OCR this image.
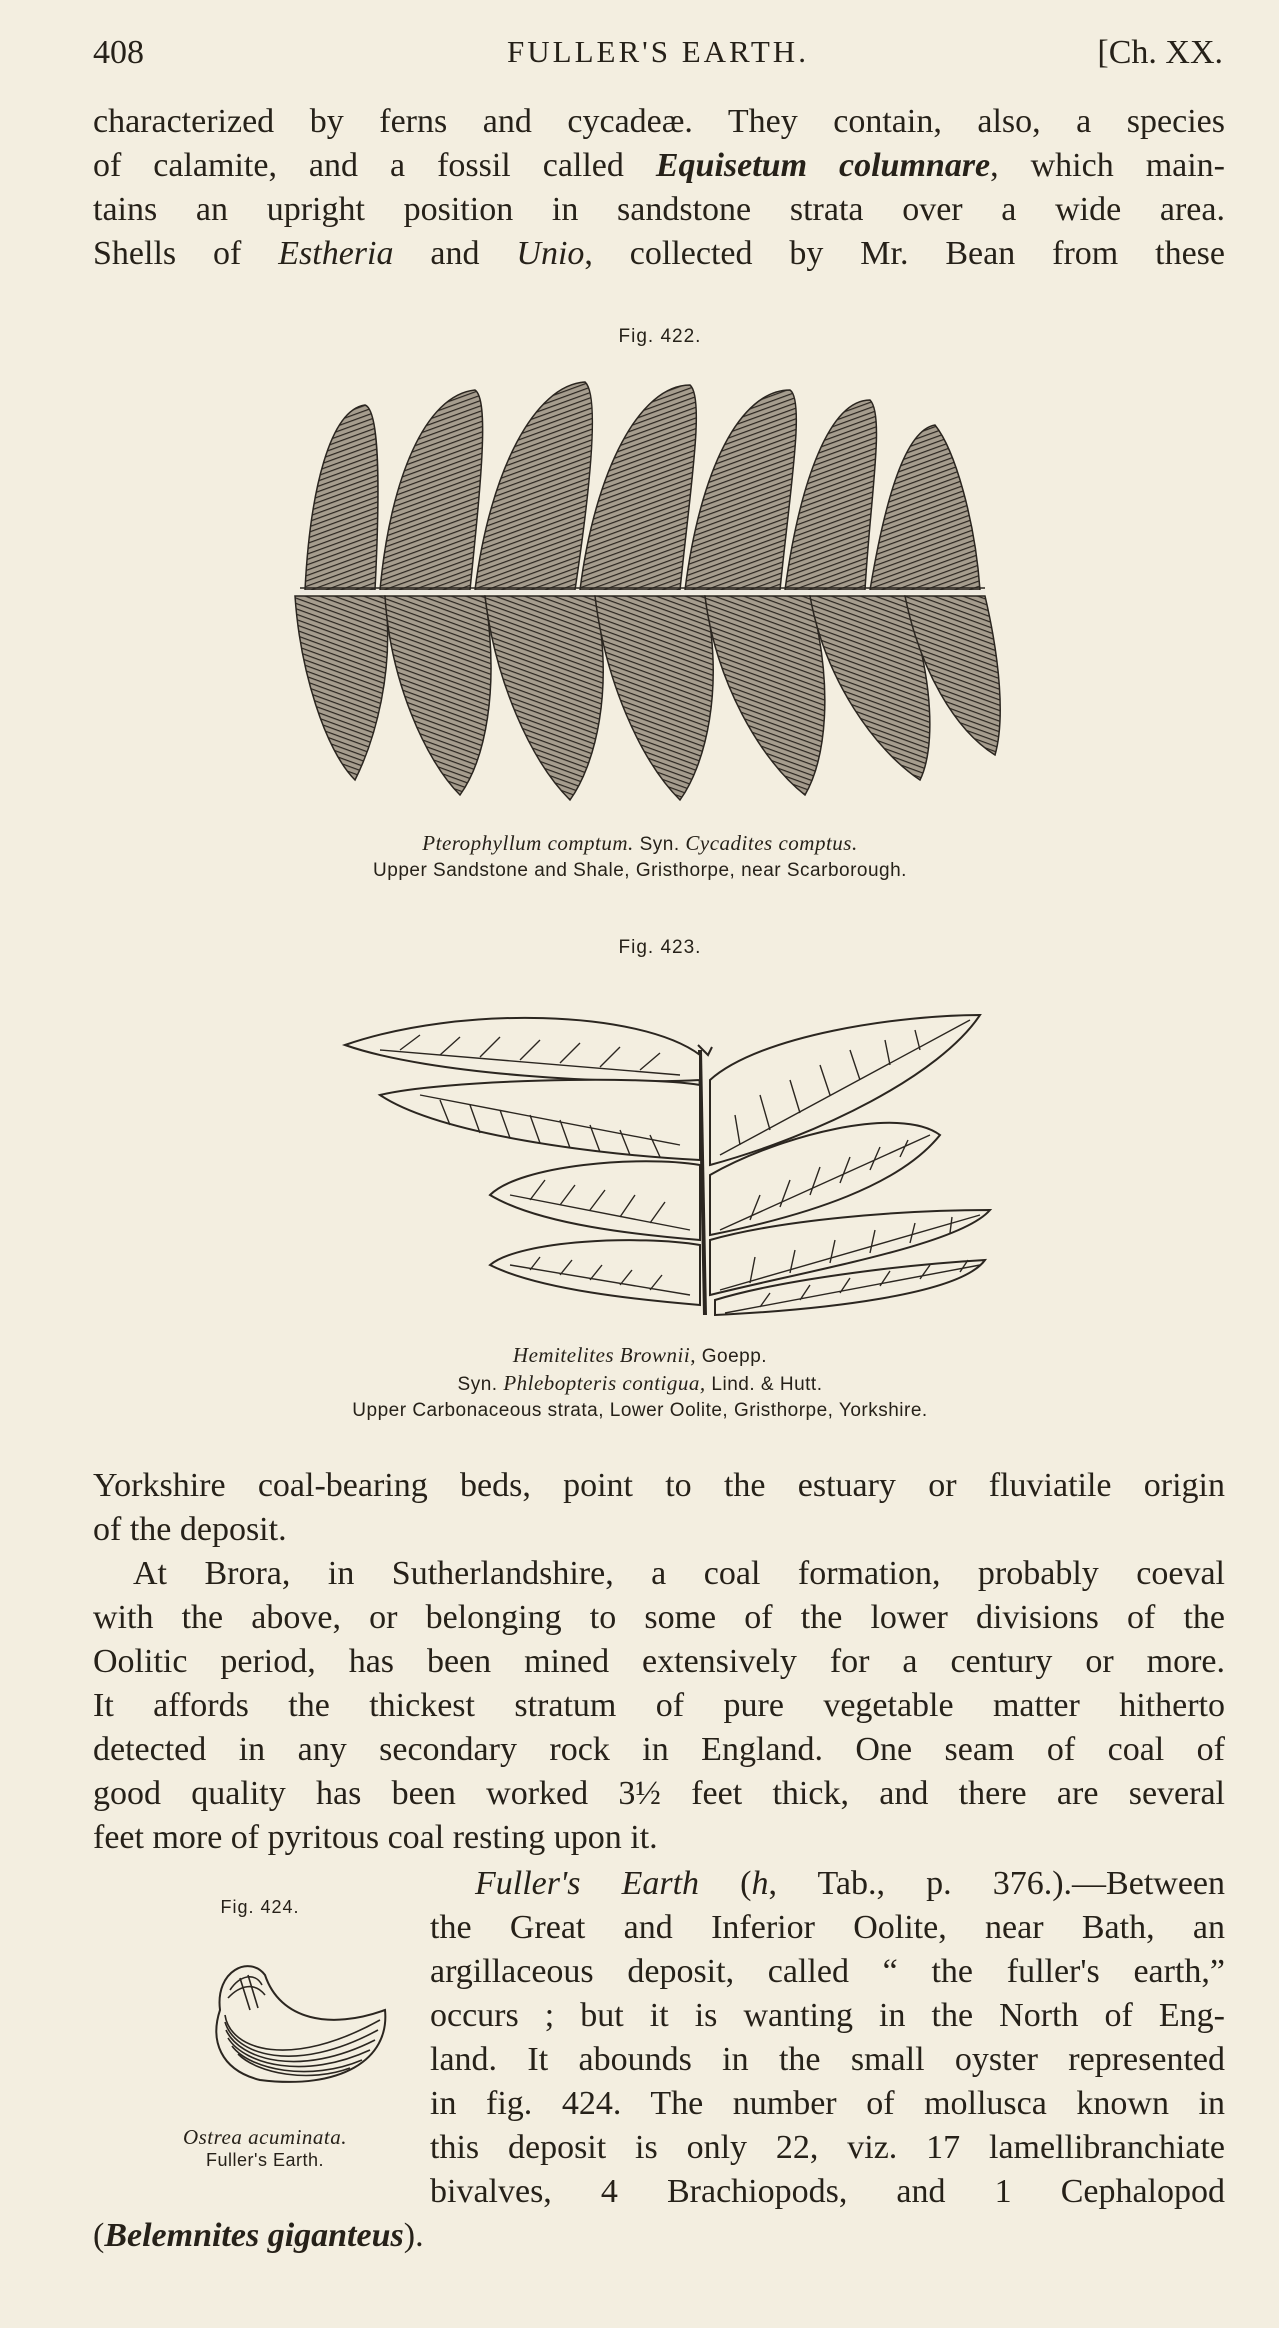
408	FULLER'S EARTH.	[Ch. XX.
characterized by ferns and cycadeæ. They contain, also, a species
of calamite, and a fossil called Equisetum columnare, which main-
tains an upright position in sandstone strata over a wide area.
Shells of Estheria and Unio, collected by Mr. Bean from these
Fig. 422.
Pterophyllum comptum. Syn. Cycadites comptus.
Upper Sandstone and Shale, Gristhorpe, near Scarborough.
Fig. 423.
Hemitelites Brownii, Goepp.
Syn. Phlebopteris contigua, Lind. & Hutt.
Upper Carbonaceous strata, Lower Oolite, Gristhorpe, Yorkshire.
Yorkshire coal-bearing beds, point to the estuary or fluviatile origin
of the deposit.
At Brora, in Sutherlandshire, a coal formation, probably coeval
with the above, or belonging to some of the lower divisions of the
Oolitic period, has been mined extensively for a century or more.
It affords the thickest stratum of pure vegetable matter hitherto
detected in any secondary rock in England. One seam of coal of
good quality has been worked 3½ feet thick, and there are several
feet more of pyritous coal resting upon it.
Fig. 424.
Ostrea acuminata.
Fuller's Earth.
Fuller's Earth (h, Tab., p. 376.).—Between
the Great and Inferior Oolite, near Bath, an
argillaceous deposit, called “ the fuller's earth,”
occurs ; but it is wanting in the North of Eng-
land. It abounds in the small oyster represented
in fig. 424. The number of mollusca known in
this deposit is only 22, viz. 17 lamellibranchiate
bivalves, 4 Brachiopods, and 1 Cephalopod
(Belemnites giganteus).
